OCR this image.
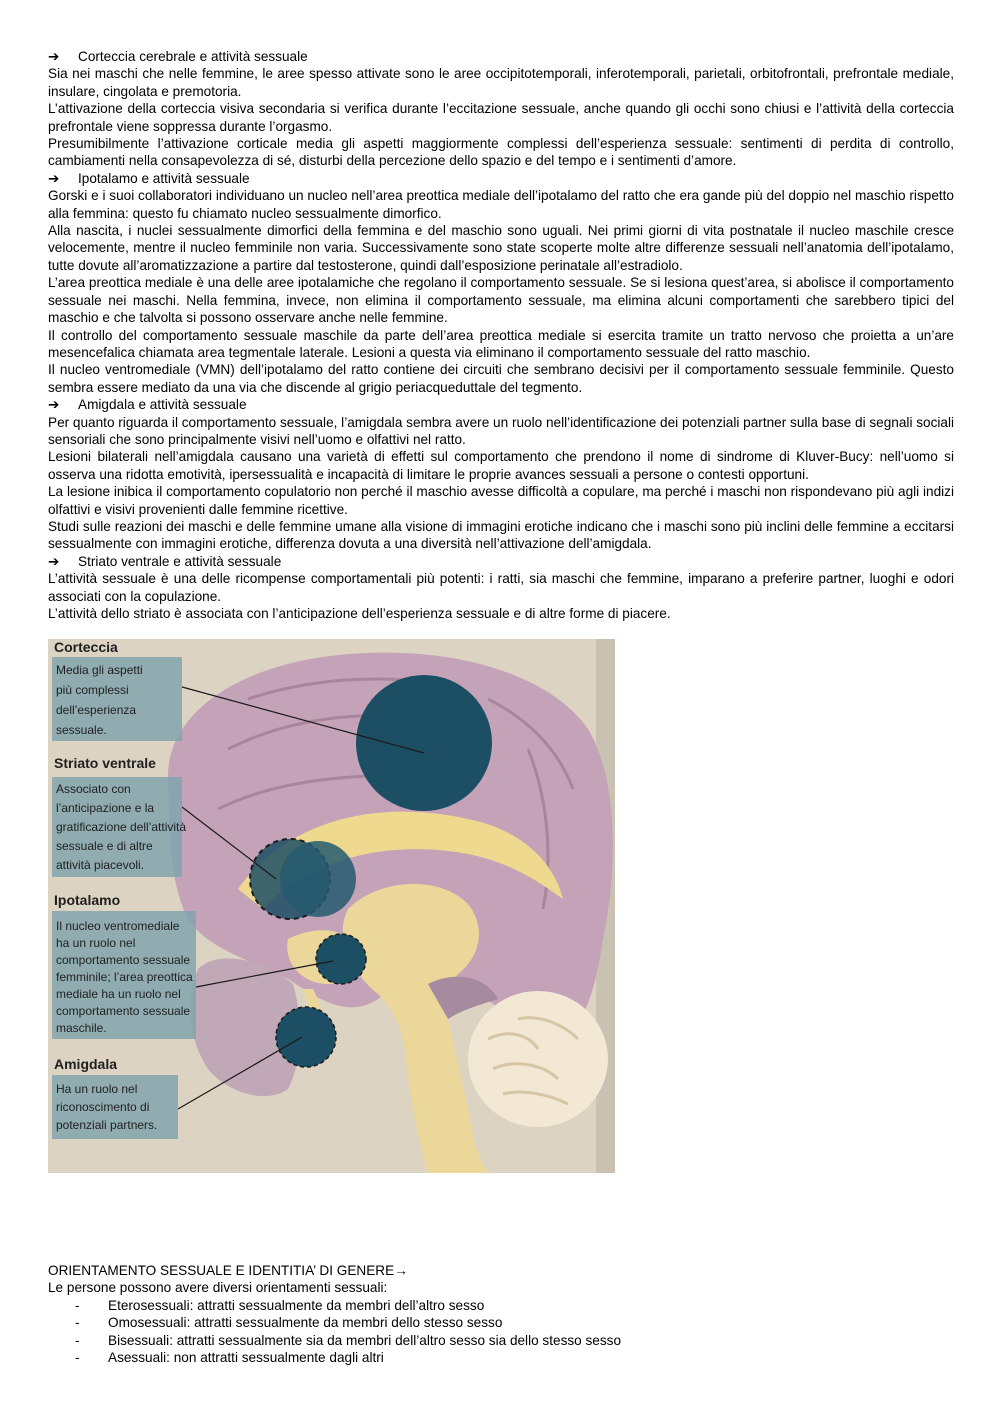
➔ Corteccia cerebrale e attività sessuale

Sia nei maschi che nelle femmine, le aree spesso attivate sono le aree occipitotemporali, inferotemporali, parietali, orbitofrontali, prefrontale mediale, insulare, cingolata e premotoria.

L’attivazione della corteccia visiva secondaria si verifica durante l’eccitazione sessuale, anche quando gli occhi sono chiusi e l’attività della corteccia prefrontale viene soppressa durante l’orgasmo.

Presumibilmente l’attivazione corticale media gli aspetti maggiormente complessi dell’esperienza sessuale: sentimenti di perdita di controllo, cambiamenti nella consapevolezza di sé, disturbi della percezione dello spazio e del tempo e i sentimenti d’amore.

➔ Ipotalamo e attività sessuale

Gorski e i suoi collaboratori individuano un nucleo nell’area preottica mediale dell’ipotalamo del ratto che era gande più del doppio nel maschio rispetto alla femmina: questo fu chiamato nucleo sessualmente dimorfico.

Alla nascita, i nuclei sessualmente dimorfici della femmina e del maschio sono uguali. Nei primi giorni di vita postnatale il nucleo maschile cresce velocemente, mentre il nucleo femminile non varia. Successivamente sono state scoperte molte altre differenze sessuali nell’anatomia dell’ipotalamo, tutte dovute all’aromatizzazione a partire dal testosterone, quindi dall’esposizione perinatale all’estradiolo.

L’area preottica mediale è una delle aree ipotalamiche che regolano il comportamento sessuale. Se si lesiona quest’area, si abolisce il comportamento sessuale nei maschi. Nella femmina, invece, non elimina il comportamento sessuale, ma elimina alcuni comportamenti che sarebbero tipici del maschio e che talvolta si possono osservare anche nelle femmine.

Il controllo del comportamento sessuale maschile da parte dell’area preottica mediale si esercita tramite un tratto nervoso che proietta a un’are mesencefalica chiamata area tegmentale laterale. Lesioni a questa via eliminano il comportamento sessuale del ratto maschio.

Il nucleo ventromediale (VMN) dell’ipotalamo del ratto contiene dei circuiti che sembrano decisivi per il comportamento sessuale femminile. Questo sembra essere mediato da una via che discende al grigio periacqueduttale del tegmento.

➔ Amigdala e attività sessuale

Per quanto riguarda il comportamento sessuale, l’amigdala sembra avere un ruolo nell’identificazione dei potenziali partner sulla base di segnali sociali sensoriali che sono principalmente visivi nell’uomo e olfattivi nel ratto.

Lesioni bilaterali nell’amigdala causano una varietà di effetti sul comportamento che prendono il nome di sindrome di Kluver-Bucy: nell’uomo si osserva una ridotta emotività, ipersessualità e incapacità di limitare le proprie avances sessuali a persone o contesti opportuni.

La lesione inibica il comportamento copulatorio non perché il maschio avesse difficoltà a copulare, ma perché i maschi non rispondevano più agli indizi olfattivi e visivi provenienti dalle femmine ricettive.

Studi sulle reazioni dei maschi e delle femmine umane alla visione di immagini erotiche indicano che i maschi sono più inclini delle femmine a eccitarsi sessualmente con immagini erotiche, differenza dovuta a una diversità nell’attivazione dell’amigdala.

➔ Striato ventrale e attività sessuale

L’attività sessuale è una delle ricompense comportamentali più potenti: i ratti, sia maschi che femmine, imparano a preferire partner, luoghi e odori associati con la copulazione.

L’attività dello striato è associata con l’anticipazione dell’esperienza sessuale e di altre forme di piacere.

Corteccia
Media gli aspetti
più complessi
dell’esperienza
sessuale.
Striato ventrale
Associato con
l’anticipazione e la
gratificazione dell’attività
sessuale e di altre
attività piacevoli.
Ipotalamo
Il nucleo ventromediale
ha un ruolo nel
comportamento sessuale
femminile; l’area preottica
mediale ha un ruolo nel
comportamento sessuale
maschile.
Amigdala
Ha un ruolo nel
riconoscimento di
potenziali partners.

ORIENTAMENTO SESSUALE E IDENTITIA’ DI GENERE→

Le persone possono avere diversi orientamenti sessuali:

- Eterosessuali: attratti sessualmente da membri dell’altro sesso
- Omosessuali: attratti sessualmente da membri dello stesso sesso
- Bisessuali: attratti sessualmente sia da membri dell’altro sesso sia dello stesso sesso
- Asessuali: non attratti sessualmente dagli altri
